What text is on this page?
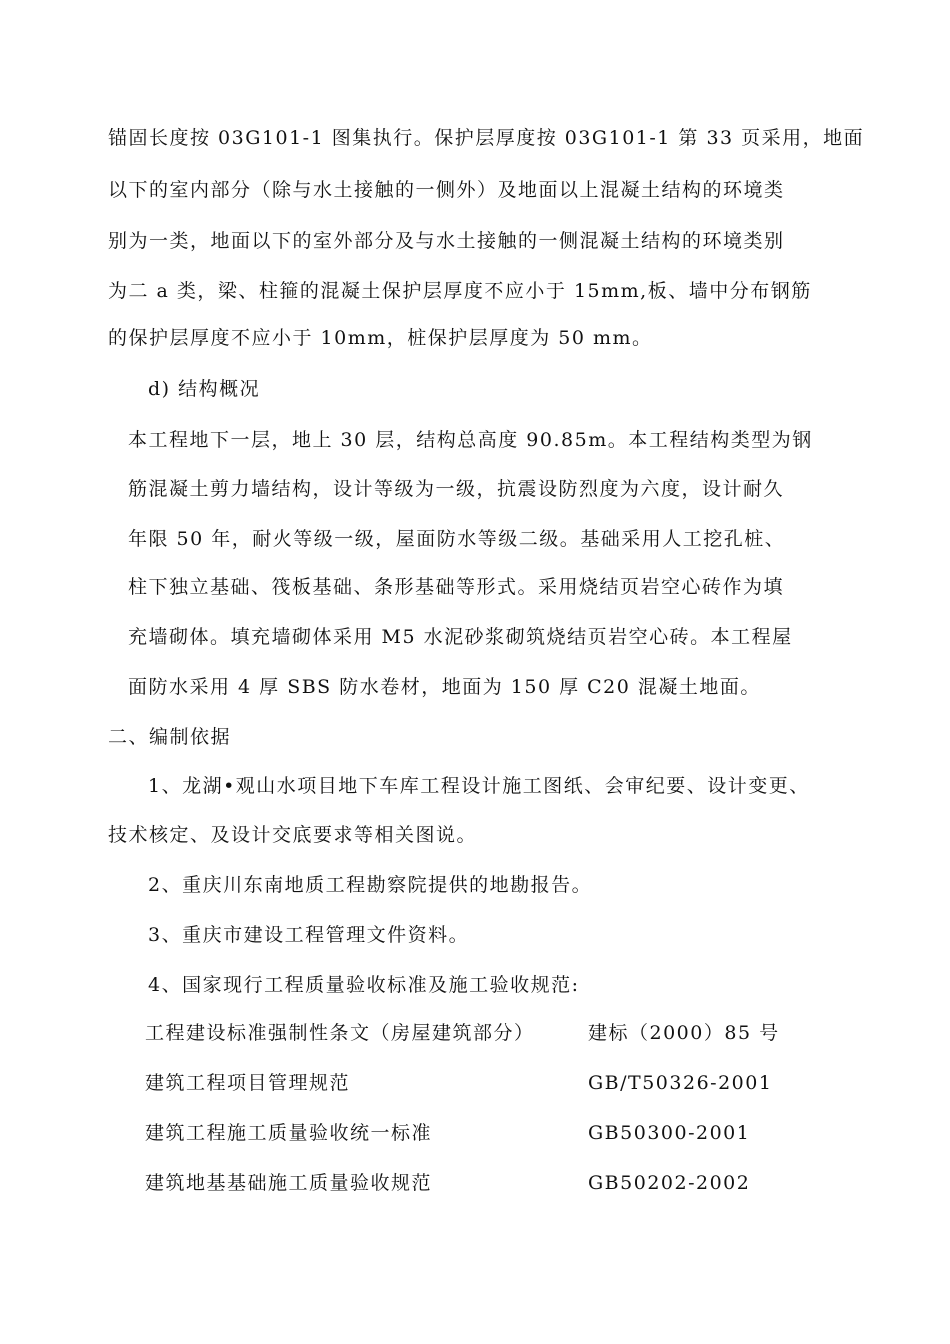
锚固长度按 03G101-1 图集执行。保护层厚度按 03G101-1 第 33 页采用，地面
以下的室内部分（除与水土接触的一侧外）及地面以上混凝土结构的环境类
别为一类，地面以下的室外部分及与水土接触的一侧混凝土结构的环境类别
为二 a 类，梁、柱箍的混凝土保护层厚度不应小于 15mm,板、墙中分布钢筋
的保护层厚度不应小于 10mm，桩保护层厚度为 50 mm。
d) 结构概况
本工程地下一层，地上 30 层，结构总高度 90.85m。本工程结构类型为钢
筋混凝土剪力墙结构，设计等级为一级，抗震设防烈度为六度，设计耐久
年限 50 年，耐火等级一级，屋面防水等级二级。基础采用人工挖孔桩、
柱下独立基础、筏板基础、条形基础等形式。采用烧结页岩空心砖作为填
充墙砌体。填充墙砌体采用 M5 水泥砂浆砌筑烧结页岩空心砖。本工程屋
面防水采用 4 厚 SBS 防水卷材，地面为 150 厚 C20 混凝土地面。
二、编制依据
1、龙湖•观山水项目地下车库工程设计施工图纸、会审纪要、设计变更、
技术核定、及设计交底要求等相关图说。
2、重庆川东南地质工程勘察院提供的地勘报告。
3、重庆市建设工程管理文件资料。
4、国家现行工程质量验收标准及施工验收规范:
工程建设标准强制性条文（房屋建筑部分）	建标（2000）85 号
建筑工程项目管理规范	GB/T50326-2001
建筑工程施工质量验收统一标准	GB50300-2001
建筑地基基础施工质量验收规范	GB50202-2002
